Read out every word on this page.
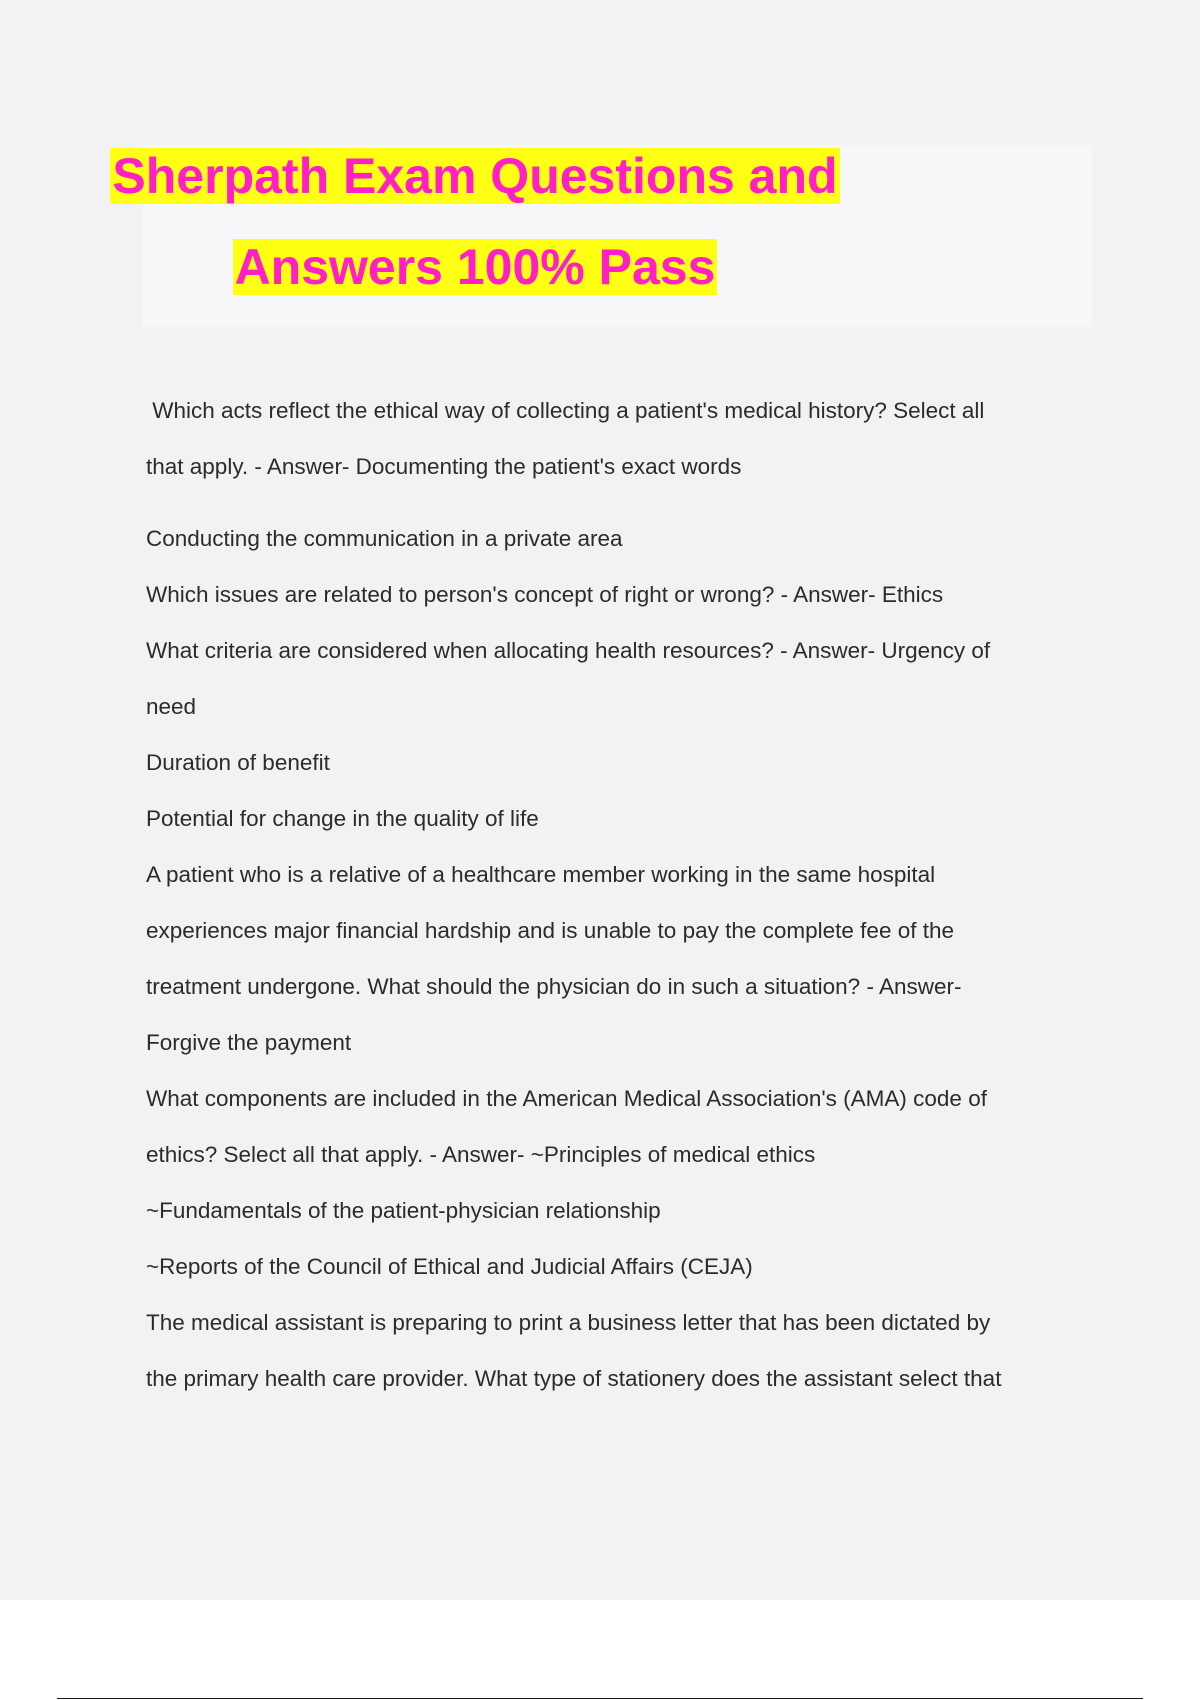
Sherpath Exam Questions and
Answers 100% Pass
Which acts reflect the ethical way of collecting a patient's medical history? Select all
that apply. - Answer- Documenting the patient's exact words
Conducting the communication in a private area
Which issues are related to person's concept of right or wrong? - Answer- Ethics
What criteria are considered when allocating health resources? - Answer- Urgency of
need
Duration of benefit
Potential for change in the quality of life
A patient who is a relative of a healthcare member working in the same hospital
experiences major financial hardship and is unable to pay the complete fee of the
treatment undergone. What should the physician do in such a situation? - Answer-
Forgive the payment
What components are included in the American Medical Association's (AMA) code of
ethics? Select all that apply. - Answer- ~Principles of medical ethics
~Fundamentals of the patient-physician relationship
~Reports of the Council of Ethical and Judicial Affairs (CEJA)
The medical assistant is preparing to print a business letter that has been dictated by
the primary health care provider. What type of stationery does the assistant select that
